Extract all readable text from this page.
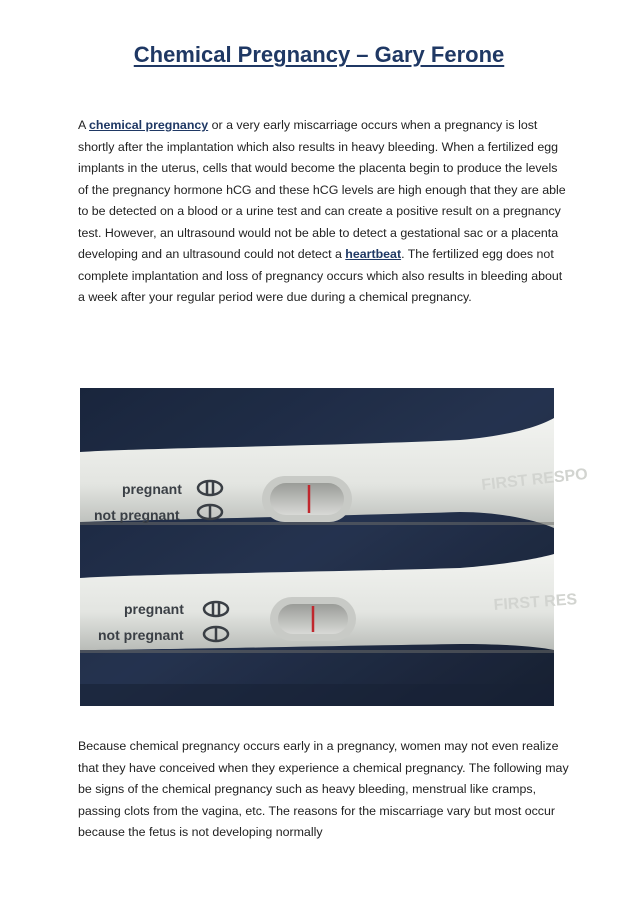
Chemical Pregnancy – Gary Ferone

A chemical pregnancy or a very early miscarriage occurs when a pregnancy is lost shortly after the implantation which also results in heavy bleeding. When a fertilized egg implants in the uterus, cells that would become the placenta begin to produce the levels of the pregnancy hormone hCG and these hCG levels are high enough that they are able to be detected on a blood or a urine test and can create a positive result on a pregnancy test. However, an ultrasound would not be able to detect a gestational sac or a placenta developing and an ultrasound could not detect a heartbeat. The fertilized egg does not complete implantation and loss of pregnancy occurs which also results in bleeding about a week after your regular period were due during a chemical pregnancy.

pregnant
not pregnant
FIRST RESPO
pregnant
not pregnant
FIRST RES

Because chemical pregnancy occurs early in a pregnancy, women may not even realize that they have conceived when they experience a chemical pregnancy. The following may be signs of the chemical pregnancy such as heavy bleeding, menstrual like cramps, passing clots from the vagina, etc. The reasons for the miscarriage vary but most occur because the fetus is not developing normally
